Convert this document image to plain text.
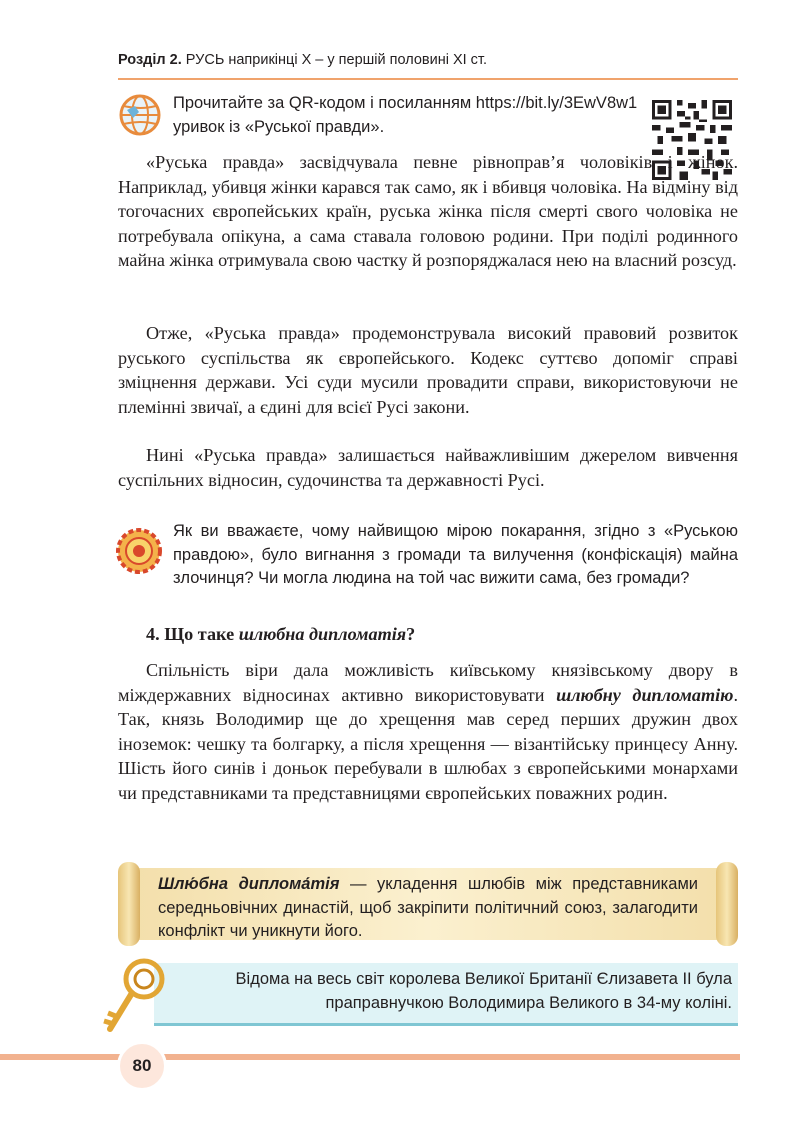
Розділ 2. РУСЬ наприкінці Х – у першій половині ХІ ст.
Прочитайте за QR-кодом і посиланням https://bit.ly/3EwV8w1 уривок із «Руської правди».

«Руська правда» засвідчувала певне рівноправ’я чоловіків і жінок. Наприклад, убивця жінки карався так само, як і вбивця чоловіка. На відміну від тогочасних європейських країн, руська жінка після смерті свого чоловіка не потребувала опікуна, а сама ставала головою родини. При поділі родинного майна жінка отримувала свою частку й розпоряджалася нею на власний розсуд.

Отже, «Руська правда» продемонструвала високий правовий розвиток руського суспільства як європейського. Кодекс суттєво допоміг справі зміцнення держави. Усі суди мусили провадити справи, використовуючи не племінні звичаї, а єдині для всієї Русі закони.

Нині «Руська правда» залишається найважливішим джерелом вивчення суспільних відносин, судочинства та державності Русі.

Як ви вважаєте, чому найвищою мірою покарання, згідно з «Руською правдою», було вигнання з громади та вилучення (конфіскація) майна злочинця? Чи могла людина на той час вижити сама, без громади?
4. Що таке шлюбна дипломатія?

Спільність віри дала можливість київському князівському двору в міждержавних відносинах активно використовувати шлюбну дипломатію. Так, князь Володимир ще до хрещення мав серед перших дружин двох іноземок: чешку та болгарку, а після хрещення — візантійську принцесу Анну. Шість його синів і доньок перебували в шлюбах з європейськими монархами чи представниками та представницями європейських поважних родин.

Шлю́бна диплома́тія — укладення шлюбів між представниками середньовічних династій, щоб закріпити політичний союз, залагодити конфлікт чи уникнути його.
Відома на весь світ королева Великої Британії Єлизавета ІІ була праправнучкою Володимира Великого в 34-му коліні.
80
